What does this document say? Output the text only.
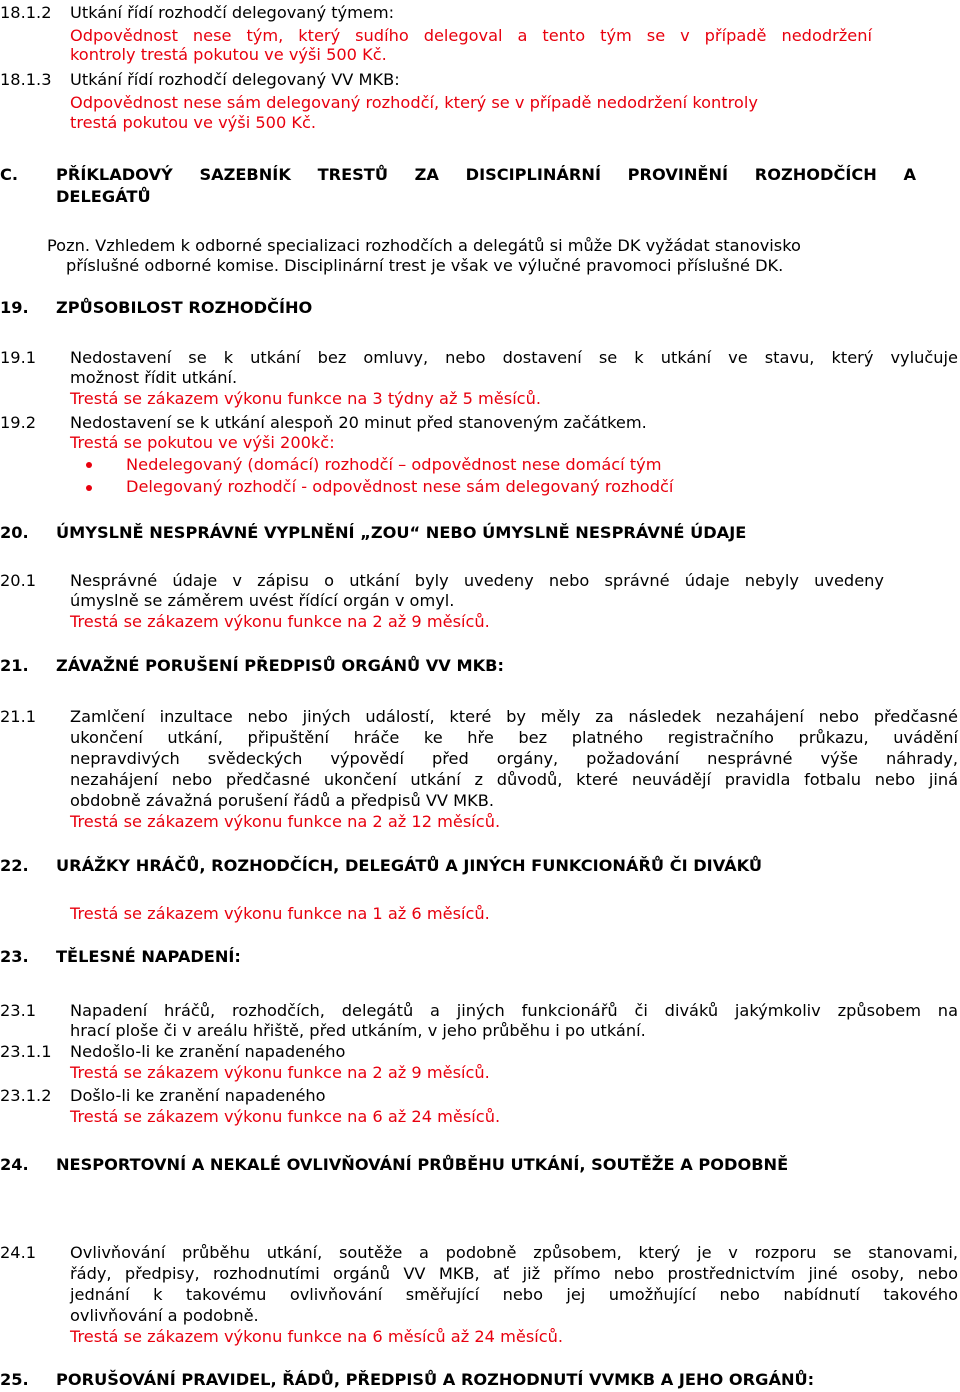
18.1.2 Utkání řídí rozhodčí delegovaný týmem:
Odpovědnost nese tým, který sudího delegoval a tento tým se v případě nedodržení
kontroly trestá pokutou ve výši 500 Kč.
18.1.3 Utkání řídí rozhodčí delegovaný VV MKB:
Odpovědnost nese sám delegovaný rozhodčí, který se v případě nedodržení kontroly
trestá pokutou ve výši 500 Kč.
C. PŘÍKLADOVÝ SAZEBNÍK TRESTŮ ZA DISCIPLINÁRNÍ PROVINĚNÍ ROZHODČÍCH A
DELEGÁTŮ
Pozn. Vzhledem k odborné specializaci rozhodčích a delegátů si může DK vyžádat stanovisko
příslušné odborné komise. Disciplinární trest je však ve výlučné pravomoci příslušné DK.
19. ZPŮSOBILOST ROZHODČÍHO
19.1 Nedostavení se k utkání bez omluvy, nebo dostavení se k utkání ve stavu, který vylučuje
možnost řídit utkání.
Trestá se zákazem výkonu funkce na 3 týdny až 5 měsíců.
19.2 Nedostavení se k utkání alespoň 20 minut před stanoveným začátkem.
Trestá se pokutou ve výši 200kč:
Nedelegovaný (domácí) rozhodčí – odpovědnost nese domácí tým
Delegovaný rozhodčí - odpovědnost nese sám delegovaný rozhodčí
20. ÚMYSLNĚ NESPRÁVNÉ VYPLNĚNÍ „ZOU“ NEBO ÚMYSLNĚ NESPRÁVNÉ ÚDAJE
20.1 Nesprávné údaje v zápisu o utkání byly uvedeny nebo správné údaje nebyly uvedeny
úmyslně se záměrem uvést řídící orgán v omyl.
Trestá se zákazem výkonu funkce na 2 až 9 měsíců.
21. ZÁVAŽNÉ PORUŠENÍ PŘEDPISŮ ORGÁNŮ VV MKB:
21.1 Zamlčení inzultace nebo jiných událostí, které by měly za následek nezahájení nebo předčasné
ukončení utkání, připuštění hráče ke hře bez platného registračního průkazu, uvádění
nepravdivých svědeckých výpovědí před orgány, požadování nesprávné výše náhrady,
nezahájení nebo předčasné ukončení utkání z důvodů, které neuvádějí pravidla fotbalu nebo jiná
obdobně závažná porušení řádů a předpisů VV MKB.
Trestá se zákazem výkonu funkce na 2 až 12 měsíců.
22. URÁŽKY HRÁČŮ, ROZHODČÍCH, DELEGÁTŮ A JINÝCH FUNKCIONÁŘŮ ČI DIVÁKŮ
Trestá se zákazem výkonu funkce na 1 až 6 měsíců.
23. TĚLESNÉ NAPADENÍ:
23.1 Napadení hráčů, rozhodčích, delegátů a jiných funkcionářů či diváků jakýmkoliv způsobem na
hrací ploše či v areálu hřiště, před utkáním, v jeho průběhu i po utkání.
23.1.1 Nedošlo-li ke zranění napadeného
Trestá se zákazem výkonu funkce na 2 až 9 měsíců.
23.1.2 Došlo-li ke zranění napadeného
Trestá se zákazem výkonu funkce na 6 až 24 měsíců.
24. NESPORTOVNÍ A NEKALÉ OVLIVŇOVÁNÍ PRŮBĚHU UTKÁNÍ, SOUTĚŽE A PODOBNĚ
24.1 Ovlivňování průběhu utkání, soutěže a podobně způsobem, který je v rozporu se stanovami,
řády, předpisy, rozhodnutími orgánů VV MKB, ať již přímo nebo prostřednictvím jiné osoby, nebo
jednání k takovému ovlivňování směřující nebo jej umožňující nebo nabídnutí takového
ovlivňování a podobně.
Trestá se zákazem výkonu funkce na 6 měsíců až 24 měsíců.
25. PORUŠOVÁNÍ PRAVIDEL, ŘÁDŮ, PŘEDPISŮ A ROZHODNUTÍ VVMKB A JEHO ORGÁNŮ:
